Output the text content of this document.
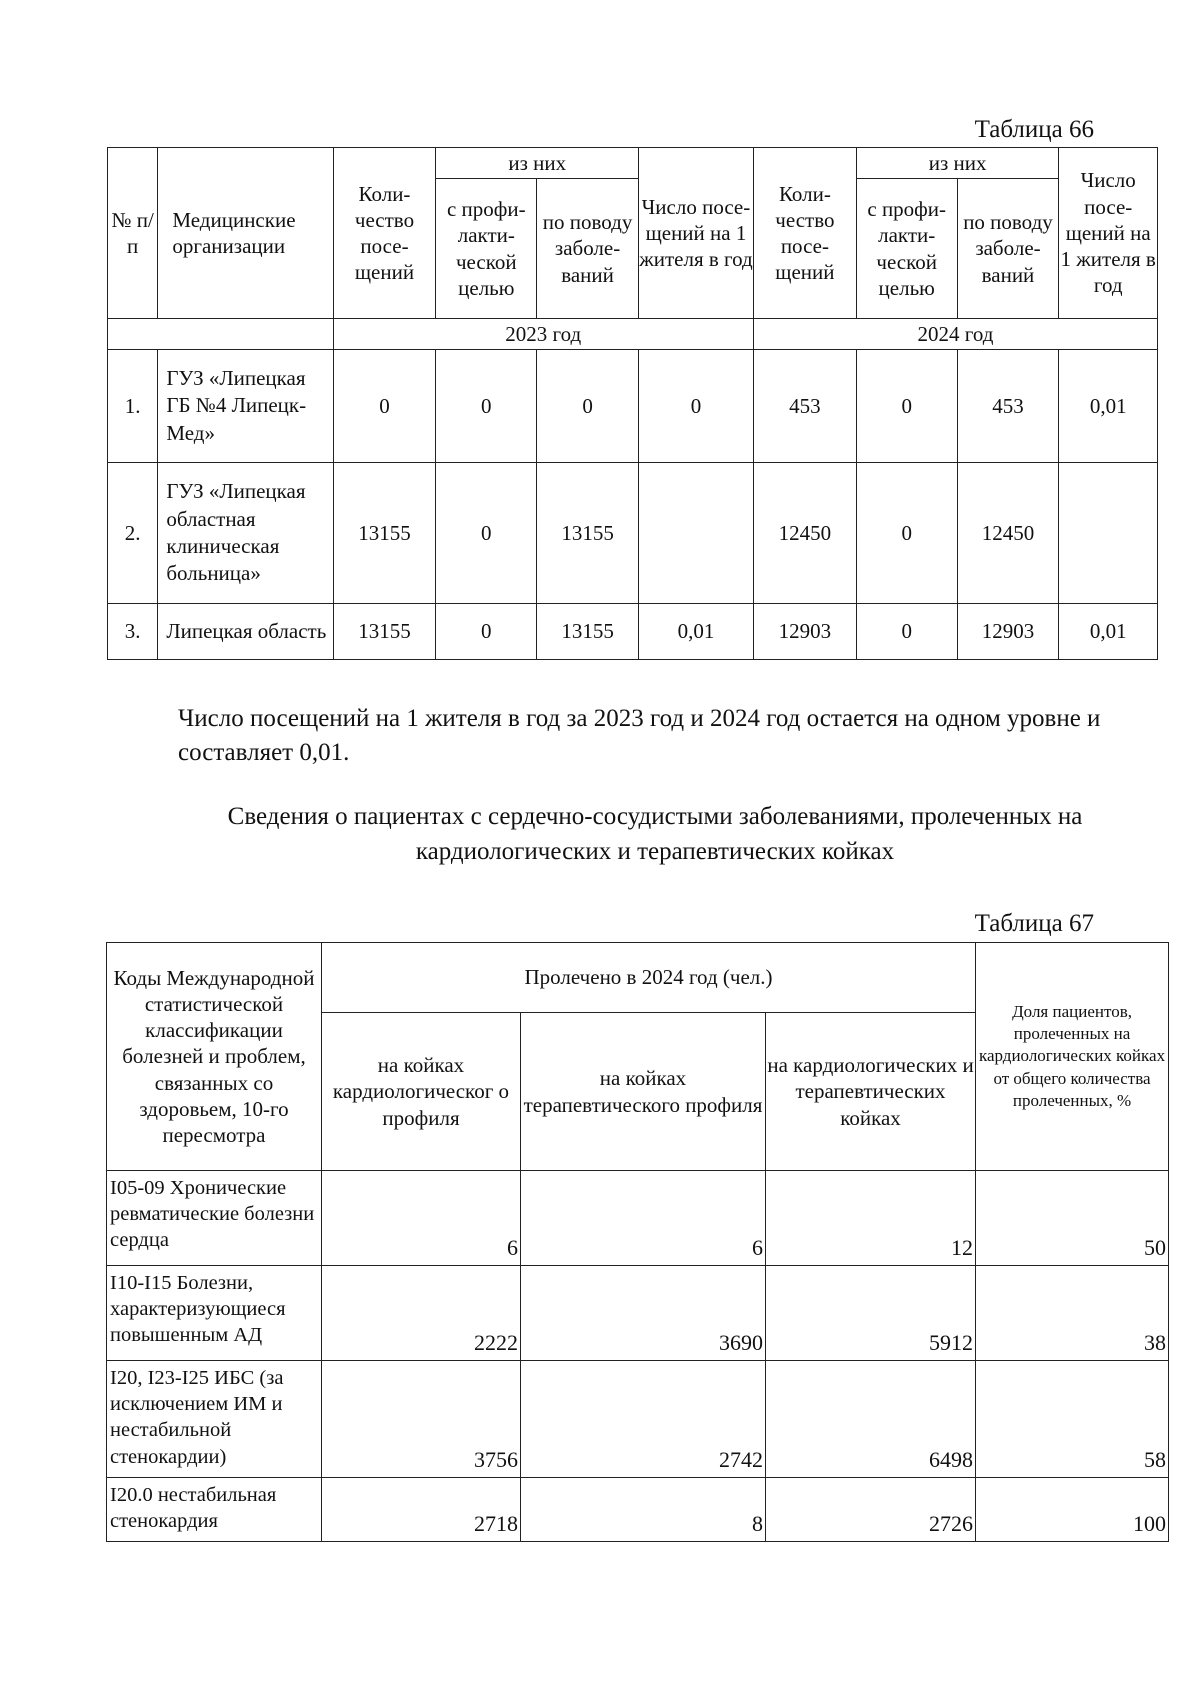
Таблица 66
№ п/п	Медицинские организации	Коли-чество посе-щений	из них		Число посе-щений на 1 жителя в год	Коли-чество посе-щений	из них		Число посе-щений на 1 жителя в год
			с профи-лакти-ческой целью	по поводу заболе-ваний			с профи-лакти-ческой целью	по поводу заболе-ваний	
		2023 год				2024 год			
1.	ГУЗ «Липецкая ГБ №4 Липецк-Мед»	0	0	0	0	453	0	453	0,01
2.	ГУЗ «Липецкая областная клиническая больница»	13155	0	13155		12450	0	12450	
3.	Липецкая область	13155	0	13155	0,01	12903	0	12903	0,01

Число посещений на 1 жителя в год за 2023 год и 2024 год остается на одном уровне и составляет 0,01.

Сведения о пациентах с сердечно-сосудистыми заболеваниями, пролеченных на кардиологических и терапевтических койках

Таблица 67
Коды Международной статистической классификации болезней и проблем, связанных со здоровьем, 10-го пересмотра	Пролечено в 2024 год (чел.)			Доля пациентов, пролеченных на кардиологических койках от общего количества пролеченных, %
	на койках кардиологическог о профиля	на койках терапевтического профиля	на кардиологических и терапевтических койках	
I05-09 Хронические ревматические болезни сердца	6	6	12	50
I10-I15 Болезни, характеризующиеся повышенным АД	2222	3690	5912	38
I20, I23-I25 ИБС (за исключением ИМ и нестабильной стенокардии)	3756	2742	6498	58
I20.0 нестабильная стенокардия	2718	8	2726	100
